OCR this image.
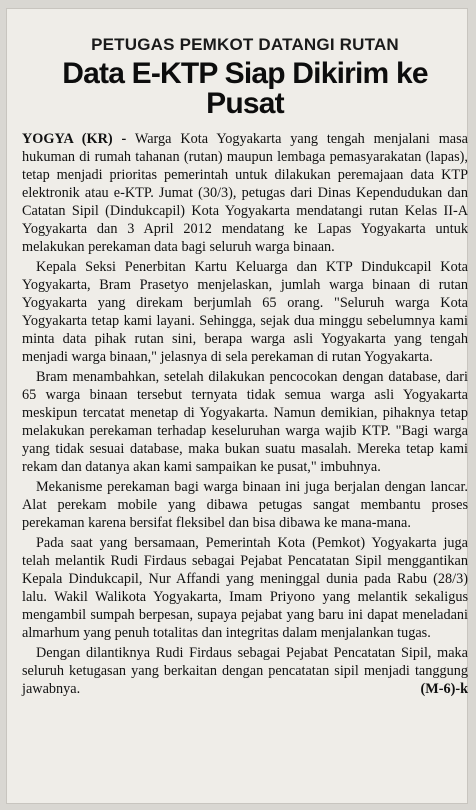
PETUGAS PEMKOT DATANGI RUTAN
Data E-KTP Siap Dikirim ke Pusat

YOGYA (KR) - Warga Kota Yogyakarta yang tengah menjalani masa hukuman di rumah tahanan (rutan) maupun lembaga pemasyarakatan (lapas), tetap menjadi prioritas pemerintah untuk dilakukan peremajaan data KTP elektronik atau e-KTP. Jumat (30/3), petugas dari Dinas Kependudukan dan Catatan Sipil (Dindukcapil) Kota Yogyakarta mendatangi rutan Kelas II-A Yogyakarta dan 3 April 2012 mendatang ke Lapas Yogyakarta untuk melakukan perekaman data bagi seluruh warga binaan.

Kepala Seksi Penerbitan Kartu Keluarga dan KTP Dindukcapil Kota Yogyakarta, Bram Prasetyo menjelaskan, jumlah warga binaan di rutan Yogyakarta yang direkam berjumlah 65 orang. "Seluruh warga Kota Yogyakarta tetap kami layani. Sehingga, sejak dua minggu sebelumnya kami minta data pihak rutan sini, berapa warga asli Yogyakarta yang tengah menjadi warga binaan," jelasnya di sela perekaman di rutan Yogyakarta.

Bram menambahkan, setelah dilakukan pencocokan dengan database, dari 65 warga binaan tersebut ternyata tidak semua warga asli Yogyakarta meskipun tercatat menetap di Yogyakarta. Namun demikian, pihaknya tetap melakukan perekaman terhadap keseluruhan warga wajib KTP. "Bagi warga yang tidak sesuai database, maka bukan suatu masalah. Mereka tetap kami rekam dan datanya akan kami sampaikan ke pusat," imbuhnya.

Mekanisme perekaman bagi warga binaan ini juga berjalan dengan lancar. Alat perekam mobile yang dibawa petugas sangat membantu proses perekaman karena bersifat fleksibel dan bisa dibawa ke mana-mana.

Pada saat yang bersamaan, Pemerintah Kota (Pemkot) Yogyakarta juga telah melantik Rudi Firdaus sebagai Pejabat Pencatatan Sipil menggantikan Kepala Dindukcapil, Nur Affandi yang meninggal dunia pada Rabu (28/3) lalu. Wakil Walikota Yogyakarta, Imam Priyono yang melantik sekaligus mengambil sumpah berpesan, supaya pejabat yang baru ini dapat meneladani almarhum yang penuh totalitas dan integritas dalam menjalankan tugas.

Dengan dilantiknya Rudi Firdaus sebagai Pejabat Pencatatan Sipil, maka seluruh ketugasan yang berkaitan dengan pencatatan sipil menjadi tanggung jawabnya.	(M-6)-k
